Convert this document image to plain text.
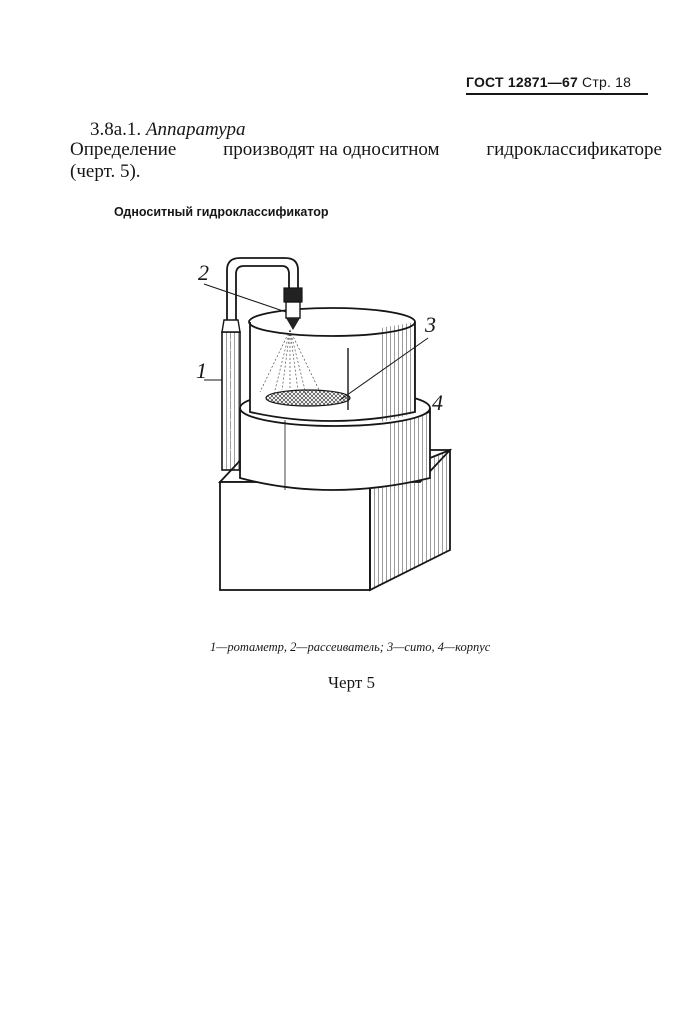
ГОСТ 12871—67 Стр. 18
3.8а.1. Аппаратура
Определение производят на односитном гидроклассификаторе
(черт. 5).
Односитный гидроклассификатор
2
1
3
4
1—ротаметр, 2—рассеиватель; 3—сито, 4—корпус
Черт 5
